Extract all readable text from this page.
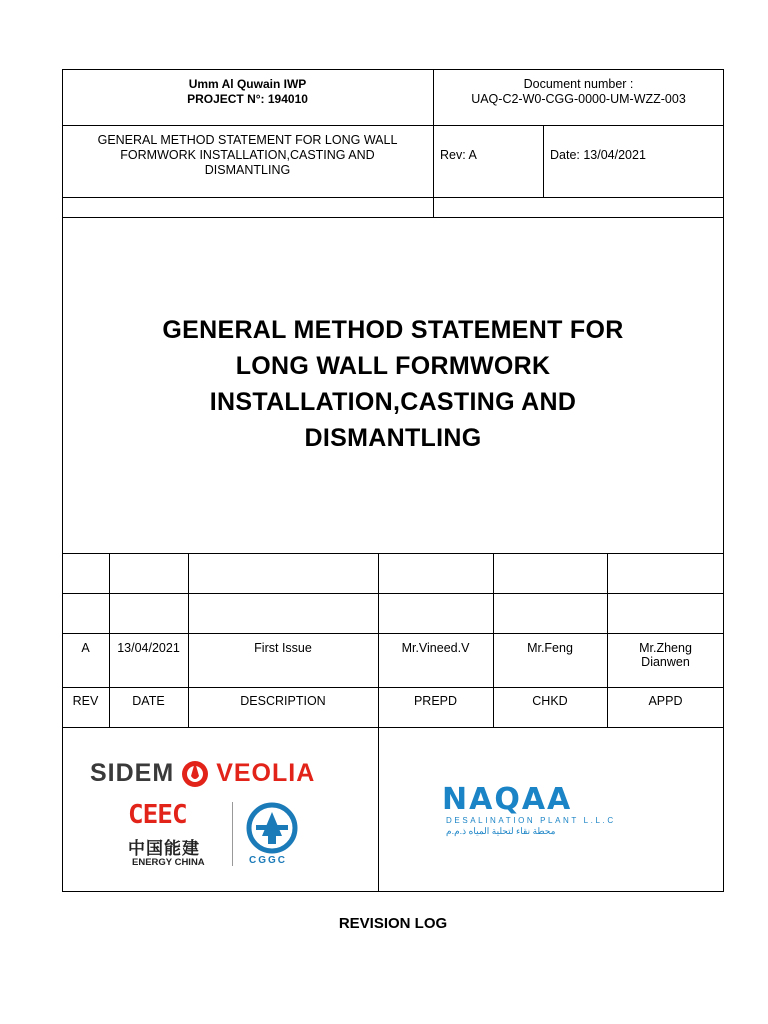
Umm Al Quwain IWP
PROJECT N°: 194010
Document number :
UAQ-C2-W0-CGG-0000-UM-WZZ-003
GENERAL METHOD STATEMENT FOR LONG WALL
FORMWORK INSTALLATION,CASTING AND
DISMANTLING
Rev: A	Date: 13/04/2021
GENERAL METHOD STATEMENT FOR
LONG WALL FORMWORK
INSTALLATION,CASTING AND
DISMANTLING
A	13/04/2021	First Issue	Mr.Vineed.V	Mr.Feng	Mr.Zheng
Dianwen
REV	DATE	DESCRIPTION	PREPD	CHKD	APPD
SIDEM VEOLIA
CEEC
中国能建
ENERGY CHINA	CGGC
NAQAA
DESALINATION PLANT L.L.C
محطة نقاء لتحلية المياه ذ.م.م
REVISION LOG
